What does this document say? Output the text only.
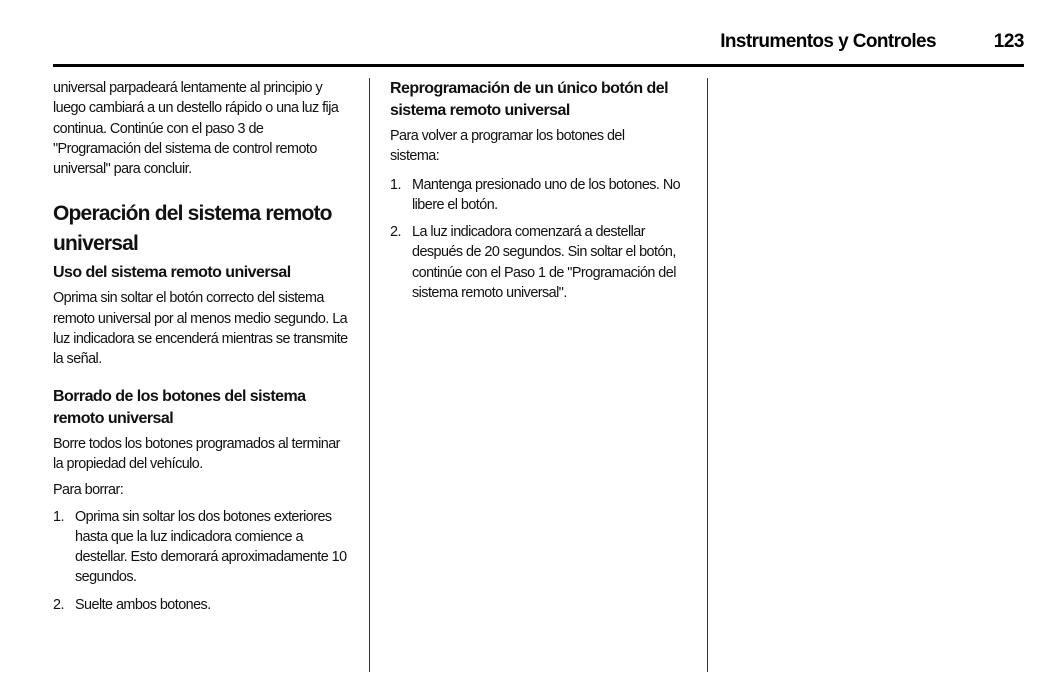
Instrumentos y Controles	123

universal parpadeará lentamente al principio y luego cambiará a un destello rápido o una luz fija continua. Continúe con el paso 3 de "Programación del sistema de control remoto universal" para concluir.

Operación del sistema remoto universal
Uso del sistema remoto universal

Oprima sin soltar el botón correcto del sistema remoto universal por al menos medio segundo. La luz indicadora se encenderá mientras se transmite la señal.

Borrado de los botones del sistema remoto universal

Borre todos los botones programados al terminar la propiedad del vehículo.

Para borrar:

1. Oprima sin soltar los dos botones exteriores hasta que la luz indicadora comience a destellar. Esto demorará aproximadamente 10 segundos.
2. Suelte ambos botones.
Reprogramación de un único botón del sistema remoto universal

Para volver a programar los botones del sistema:

1. Mantenga presionado uno de los botones. No libere el botón.
2. La luz indicadora comenzará a destellar después de 20 segundos. Sin soltar el botón, continúe con el Paso 1 de "Programación del sistema remoto universal".
